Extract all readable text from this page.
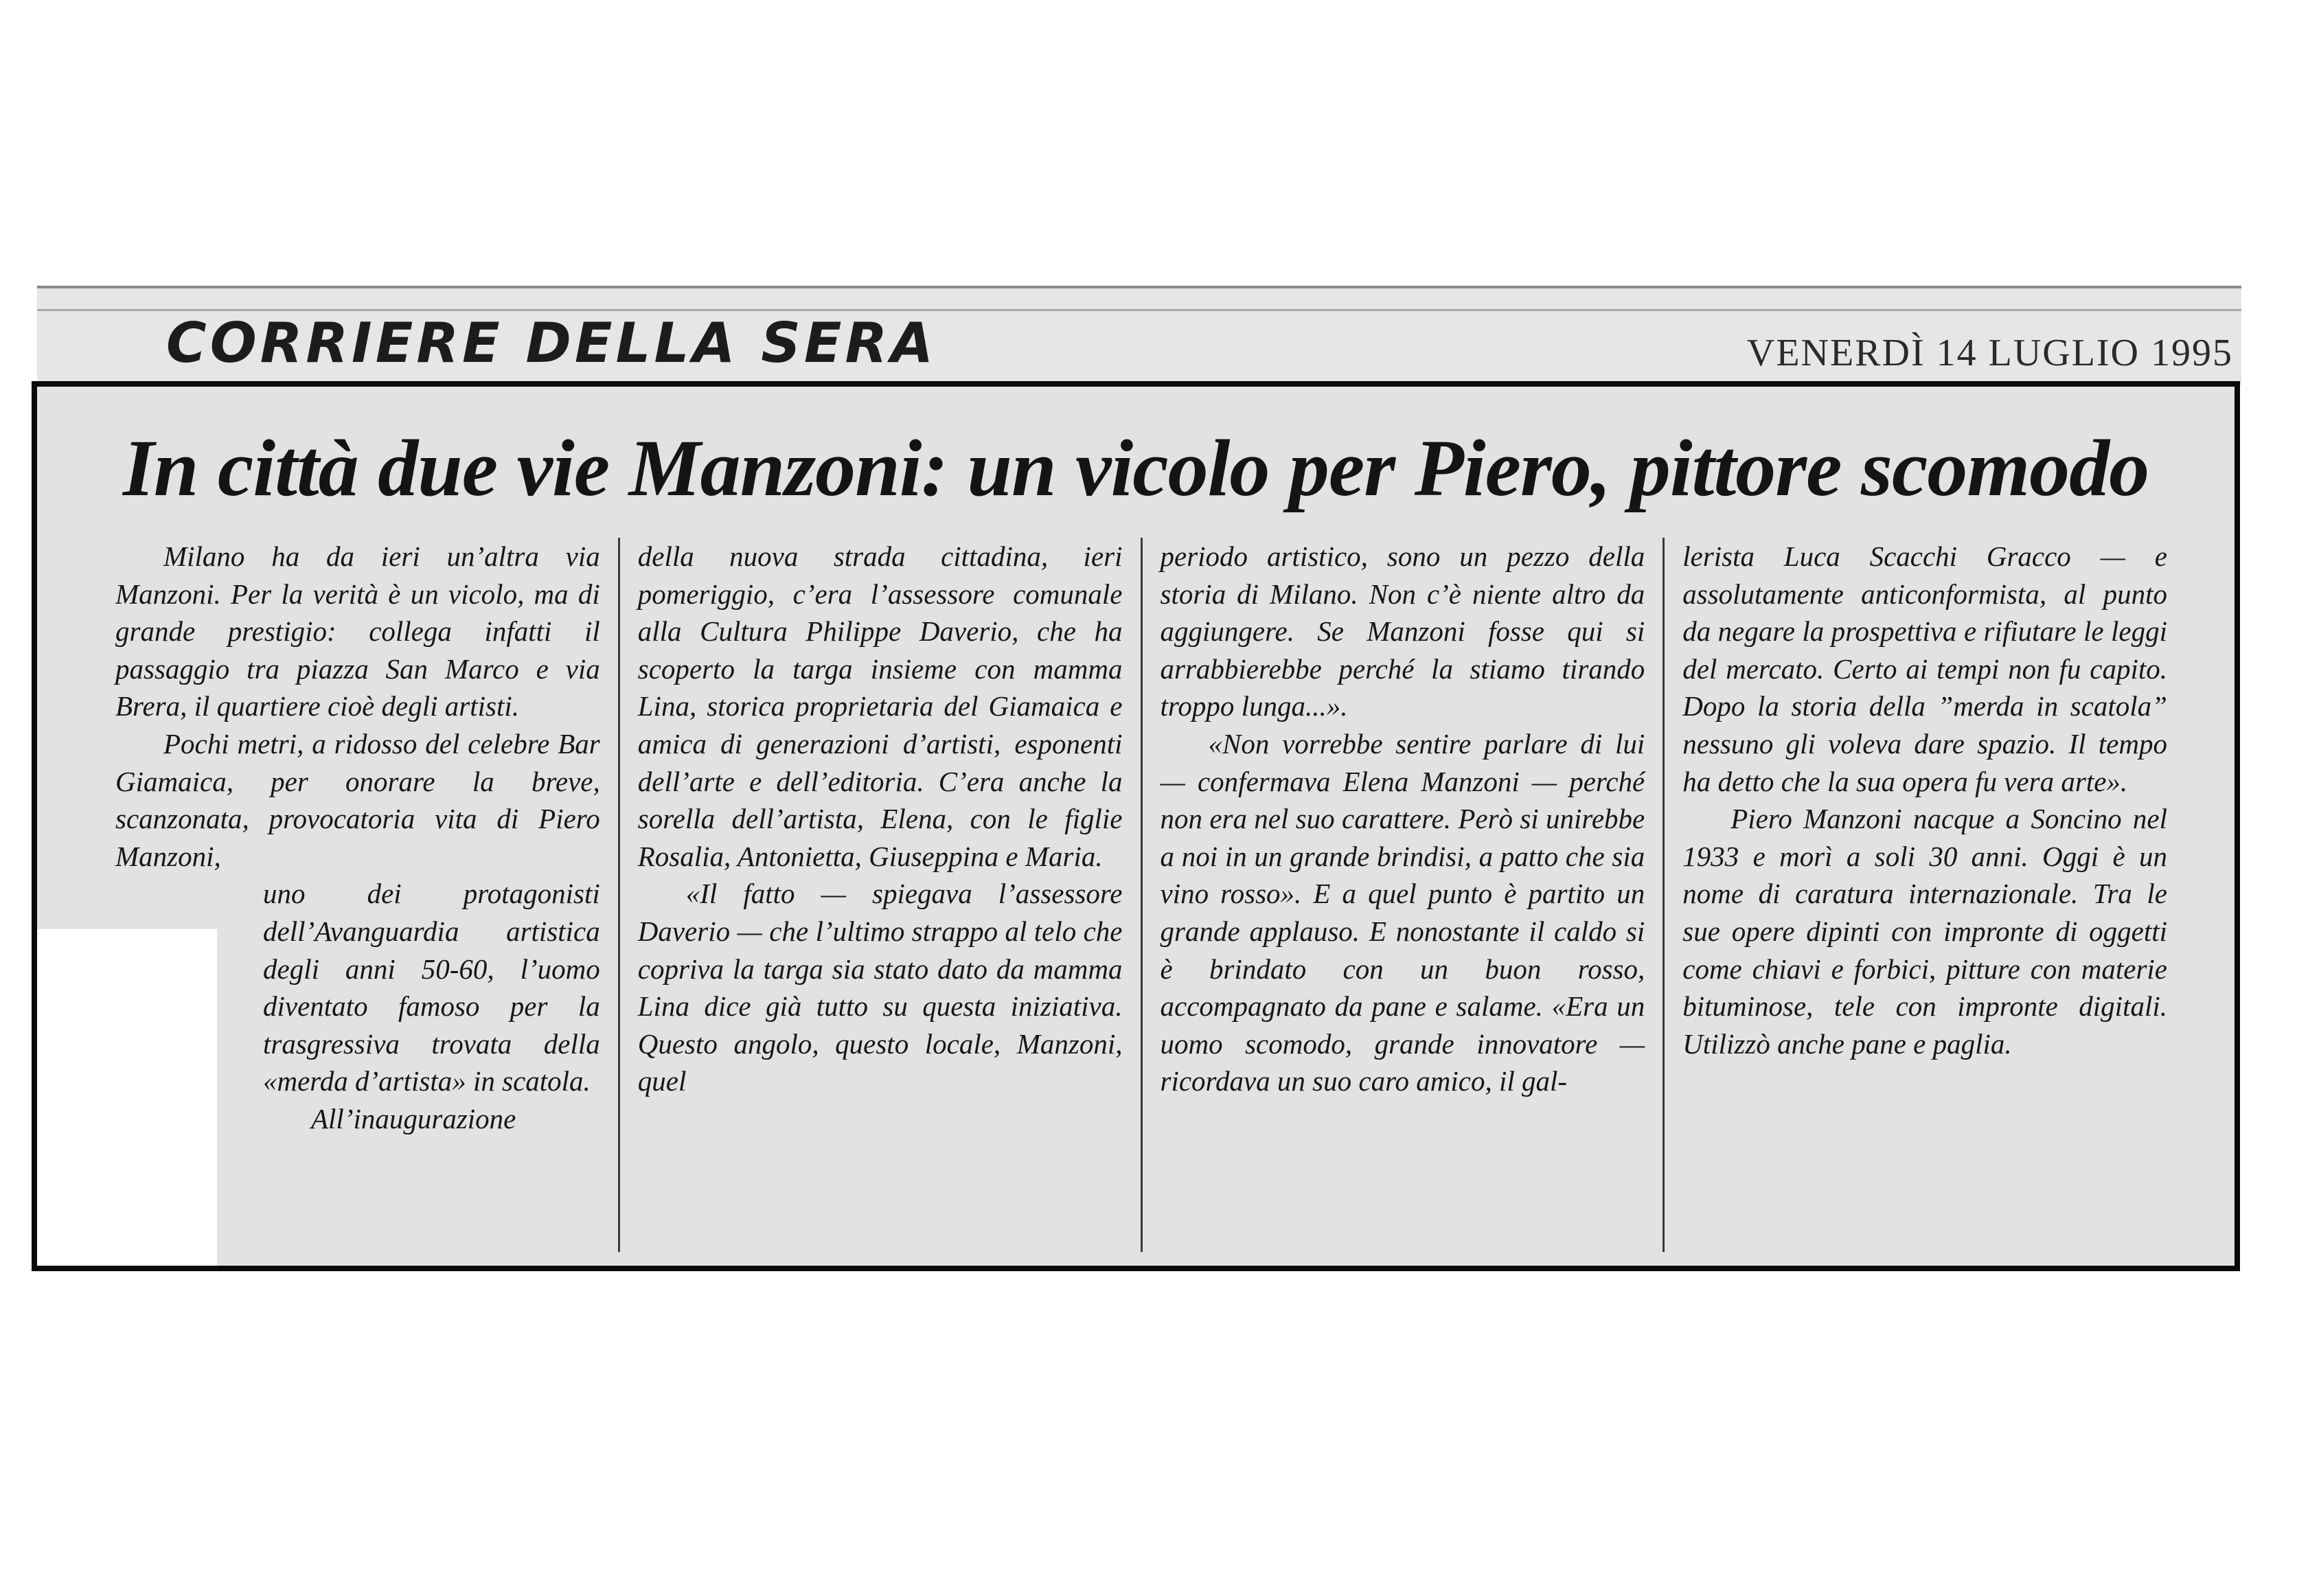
CORRIERE DELLA SERA	VENERDÌ 14 LUGLIO 1995
In città due vie Manzoni: un vicolo per Piero, pittore scomodo

Milano ha da ieri un’altra via Manzoni. Per la verità è un vicolo, ma di grande prestigio: collega infatti il passaggio tra piazza San Marco e via Brera, il quartiere cioè degli artisti.

Pochi metri, a ridosso del celebre Bar Giamaica, per onorare la breve, scanzonata, provocatoria vita di Piero Manzoni,

uno dei protagonisti dell’Avanguardia artistica degli anni 50-60, l’uomo diventato famoso per la trasgressiva trovata della «merda d’artista» in scatola.

All’inaugurazione

della nuova strada cittadina, ieri pomeriggio, c’era l’assessore comunale alla Cultura Philippe Daverio, che ha scoperto la targa insieme con mamma Lina, storica proprietaria del Giamaica e amica di generazioni d’artisti, esponenti dell’arte e dell’editoria. C’era anche la sorella dell’artista, Elena, con le figlie Rosalia, Antonietta, Giuseppina e Maria.

«Il fatto — spiegava l’assessore Daverio — che l’ultimo strappo al telo che copriva la targa sia stato dato da mamma Lina dice già tutto su questa iniziativa. Questo angolo, questo locale, Manzoni, quel

periodo artistico, sono un pezzo della storia di Milano. Non c’è niente altro da aggiungere. Se Manzoni fosse qui si arrabbierebbe perché la stiamo tirando troppo lunga...».

«Non vorrebbe sentire parlare di lui — confermava Elena Manzoni — perché non era nel suo carattere. Però si unirebbe a noi in un grande brindisi, a patto che sia vino rosso». E a quel punto è partito un grande applauso. E nonostante il caldo si è brindato con un buon rosso, accompagnato da pane e salame. «Era un uomo scomodo, grande innovatore — ricordava un suo caro amico, il gal-

lerista Luca Scacchi Gracco — e assolutamente anticonformista, al punto da negare la prospettiva e rifiutare le leggi del mercato. Certo ai tempi non fu capito. Dopo la storia della ”merda in scatola” nessuno gli voleva dare spazio. Il tempo ha detto che la sua opera fu vera arte».

Piero Manzoni nacque a Soncino nel 1933 e morì a soli 30 anni. Oggi è un nome di caratura internazionale. Tra le sue opere dipinti con impronte di oggetti come chiavi e forbici, pitture con materie bituminose, tele con impronte digitali. Utilizzò anche pane e paglia.
